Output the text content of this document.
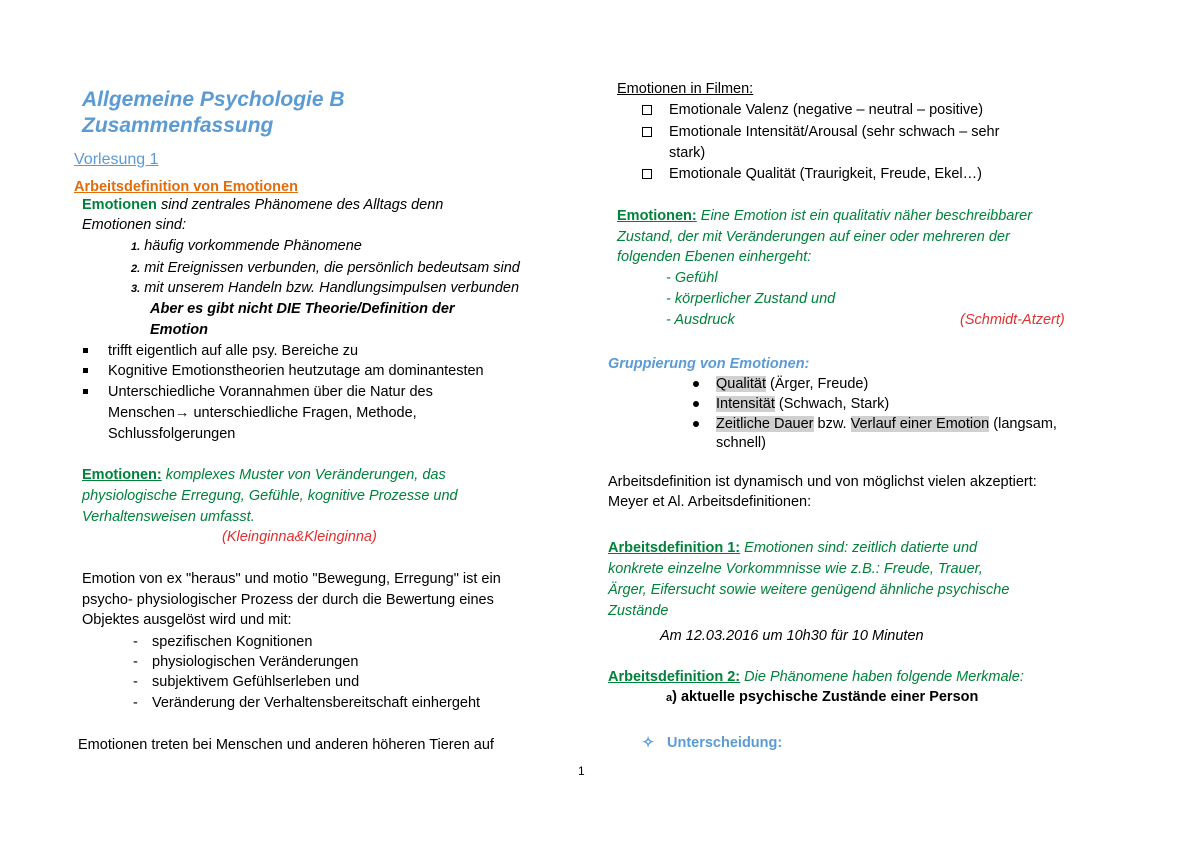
Allgemeine Psychologie B
Zusammenfassung
Vorlesung 1
Arbeitsdefinition von Emotionen
Emotionen sind zentrales Phänomene des Alltags denn
Emotionen sind:
1. häufig vorkommende Phänomene
2. mit Ereignissen verbunden, die persönlich bedeutsam sind
3. mit unserem Handeln bzw. Handlungsimpulsen verbunden
Aber es gibt nicht DIE Theorie/Definition der
Emotion
trifft eigentlich auf alle psy. Bereiche zu
Kognitive Emotionstheorien heutzutage am dominantesten
Unterschiedliche Vorannahmen über die Natur des
Menschen→ unterschiedliche Fragen, Methode,
Schlussfolgerungen
Emotionen: komplexes Muster von Veränderungen, das
physiologische Erregung, Gefühle, kognitive Prozesse und
Verhaltensweisen umfasst.
(Kleinginna&Kleinginna)
Emotion von ex "heraus" und motio "Bewegung, Erregung" ist ein
psycho- physiologischer Prozess der durch die Bewertung eines
Objektes ausgelöst wird und mit:
- spezifischen Kognitionen
- physiologischen Veränderungen
- subjektivem Gefühlserleben und
- Veränderung der Verhaltensbereitschaft einhergeht
Emotionen treten bei Menschen und anderen höheren Tieren auf
Emotionen in Filmen:
Emotionale Valenz (negative – neutral – positive)
Emotionale Intensität/Arousal (sehr schwach – sehr
stark)
Emotionale Qualität (Traurigkeit, Freude, Ekel…)
Emotionen: Eine Emotion ist ein qualitativ näher beschreibbarer
Zustand, der mit Veränderungen auf einer oder mehreren der
folgenden Ebenen einhergeht:
- Gefühl
- körperlicher Zustand und
- Ausdruck	(Schmidt-Atzert)
Gruppierung von Emotionen:
Qualität (Ärger, Freude)
Intensität (Schwach, Stark)
Zeitliche Dauer bzw. Verlauf einer Emotion (langsam,
schnell)
Arbeitsdefinition ist dynamisch und von möglichst vielen akzeptiert:
Meyer et Al. Arbeitsdefinitionen:
Arbeitsdefinition 1: Emotionen sind: zeitlich datierte und
konkrete einzelne Vorkommnisse wie z.B.: Freude, Trauer,
Ärger, Eifersucht sowie weitere genügend ähnliche psychische
Zustände
Am 12.03.2016 um 10h30 für 10 Minuten
Arbeitsdefinition 2: Die Phänomene haben folgende Merkmale:
a) aktuelle psychische Zustände einer Person
✧ Unterscheidung:
1
